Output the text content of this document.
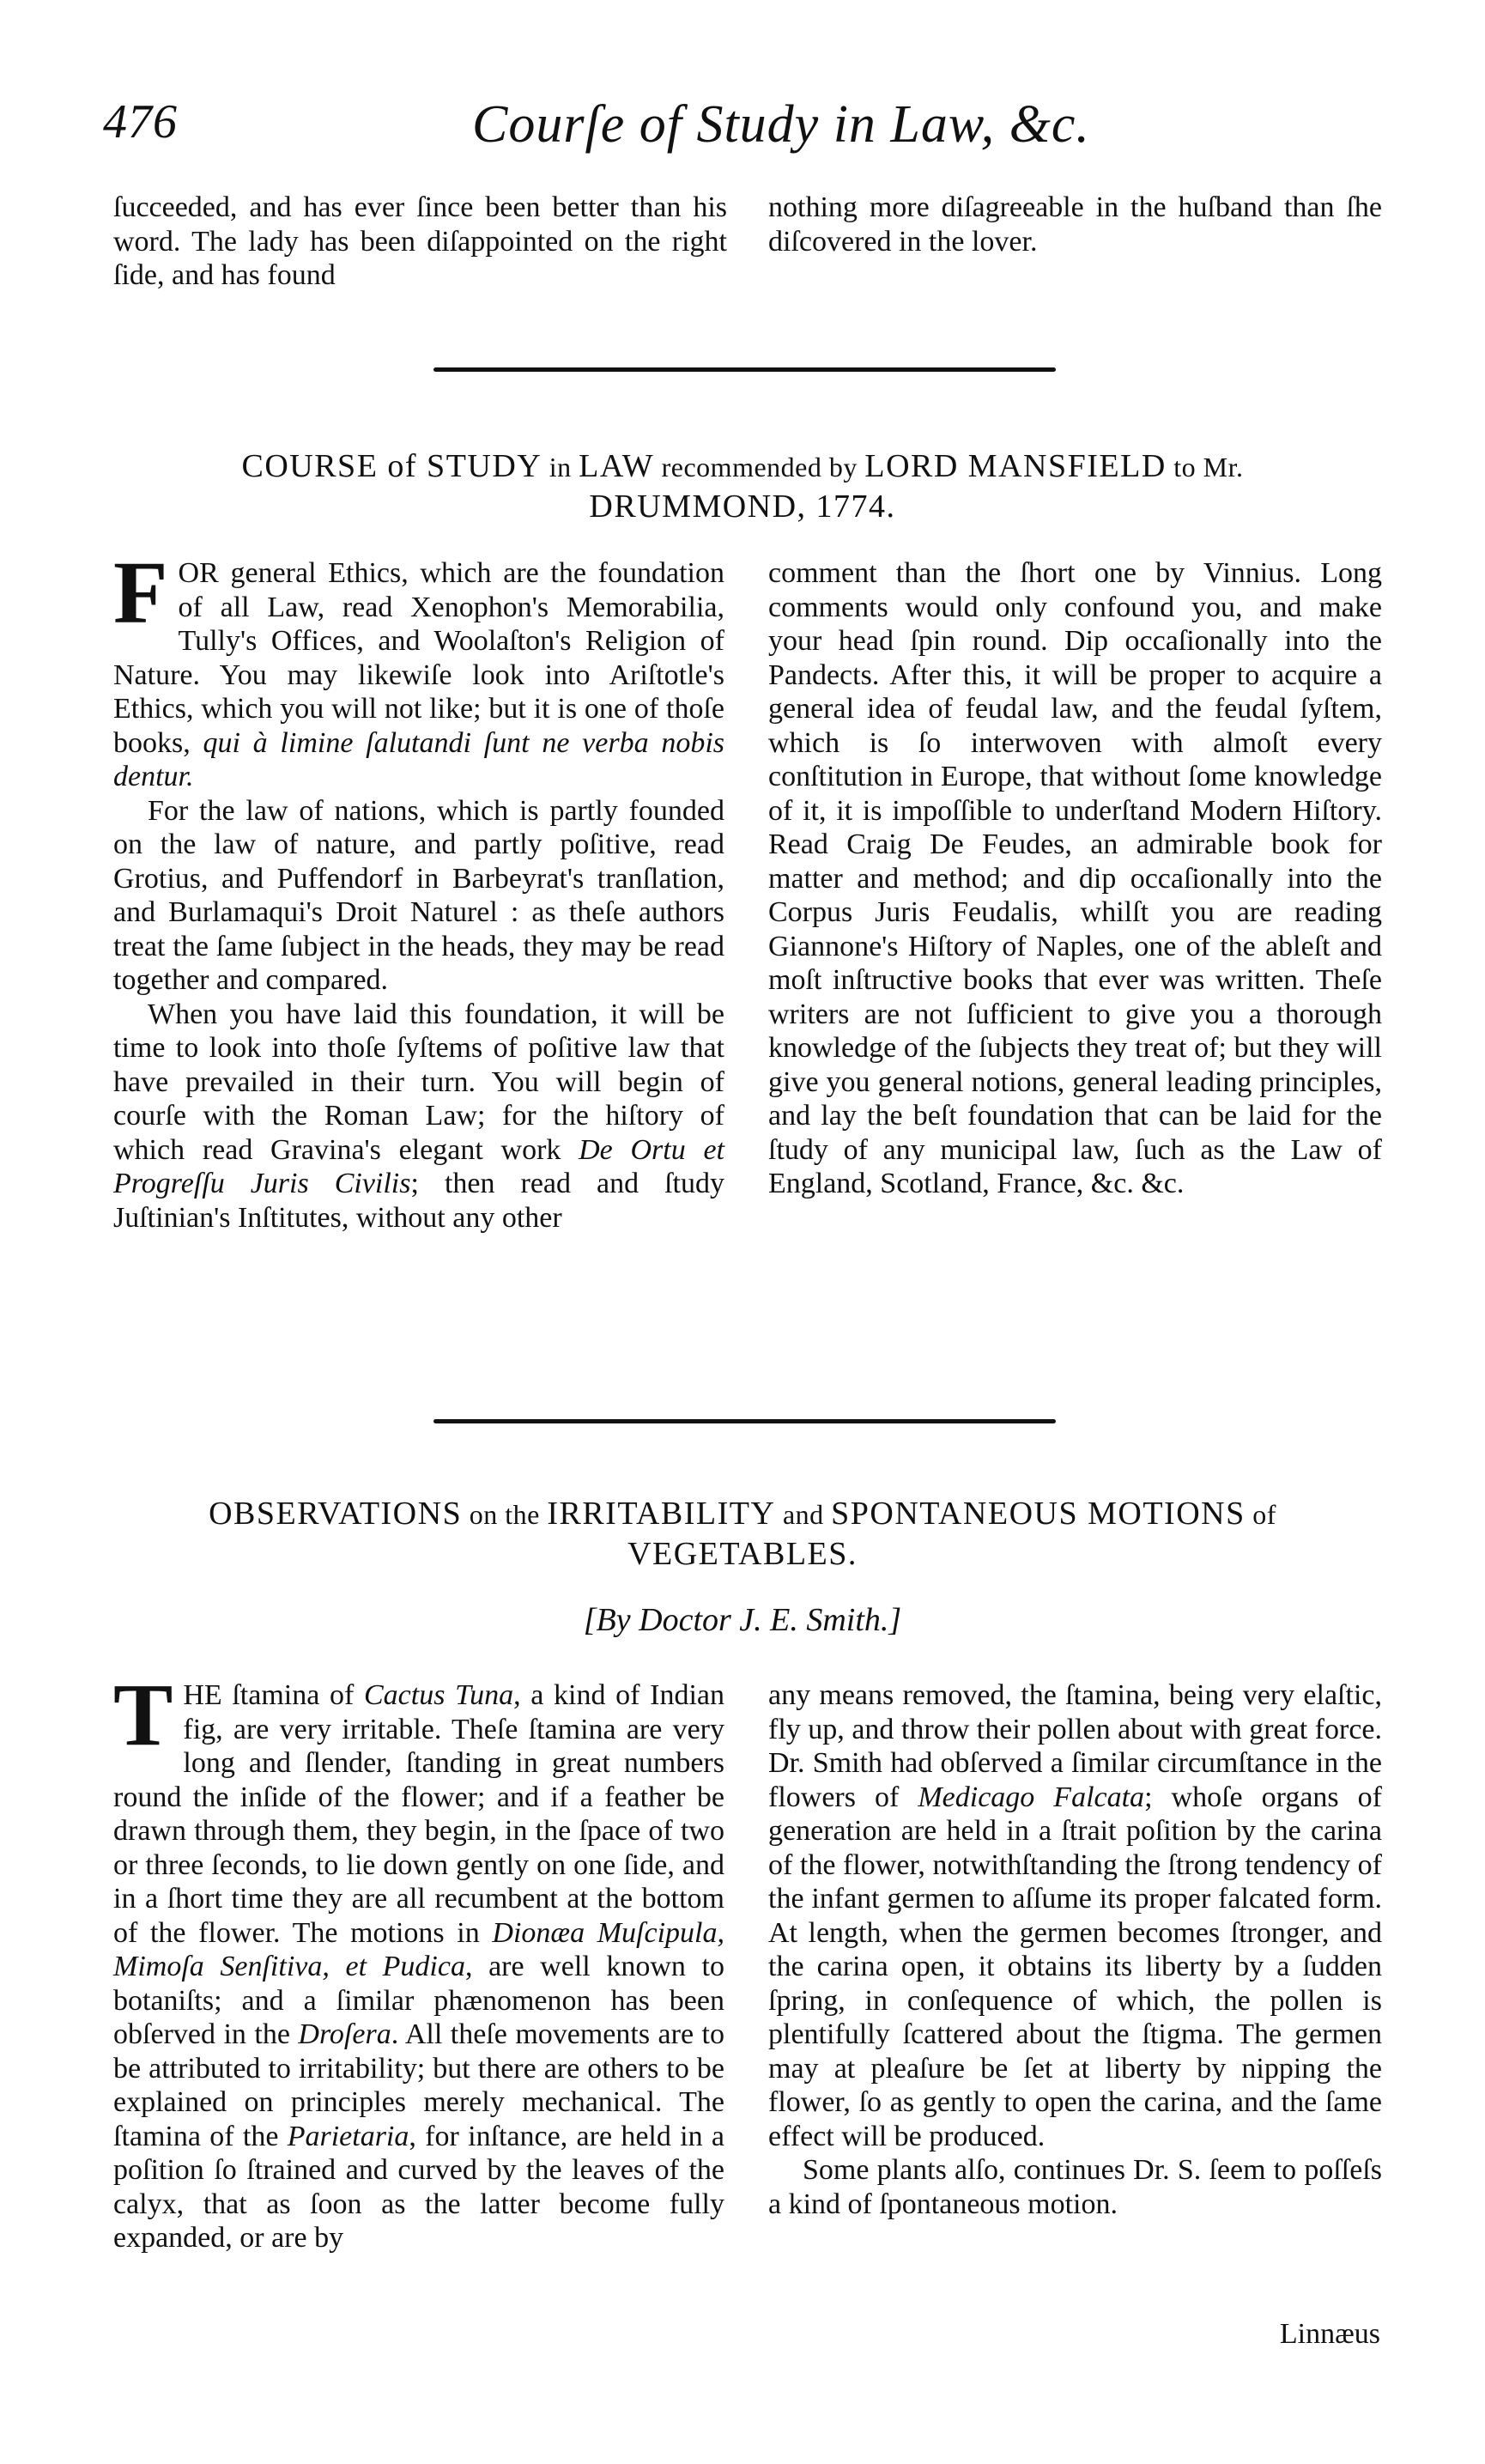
476	Courſe of Study in Law, &c.

ſucceeded, and has ever ſince been better than his word. The lady has been diſappointed on the right ſide, and has found

nothing more diſagreeable in the huſband than ſhe diſcovered in the lover.

COURSE of STUDY in LAW recommended by LORD MANSFIELD to Mr.
DRUMMOND, 1774.

FOR general Ethics, which are the foundation of all Law, read Xenophon's Memorabilia, Tully's Offices, and Woolaſton's Religion of Nature. You may likewiſe look into Ariſtotle's Ethics, which you will not like; but it is one of thoſe books, qui à limine ſalutandi ſunt ne verba nobis dentur.

For the law of nations, which is partly founded on the law of nature, and partly poſitive, read Grotius, and Puffendorf in Barbeyrat's tranſlation, and Burlamaqui's Droit Naturel : as theſe authors treat the ſame ſubject in the heads, they may be read together and compared.

When you have laid this foundation, it will be time to look into thoſe ſyſtems of poſitive law that have prevailed in their turn. You will begin of courſe with the Roman Law; for the hiſtory of which read Gravina's elegant work De Ortu et Progreſſu Juris Civilis; then read and ſtudy Juſtinian's Inſtitutes, without any other

comment than the ſhort one by Vinnius. Long comments would only confound you, and make your head ſpin round. Dip occaſionally into the Pandects. After this, it will be proper to acquire a general idea of feudal law, and the feudal ſyſtem, which is ſo interwoven with almoſt every conſtitution in Europe, that without ſome knowledge of it, it is impoſſible to underſtand Modern Hiſtory. Read Craig De Feudes, an admirable book for matter and method; and dip occaſionally into the Corpus Juris Feudalis, whilſt you are reading Giannone's Hiſtory of Naples, one of the ableſt and moſt inſtructive books that ever was written. Theſe writers are not ſufficient to give you a thorough knowledge of the ſubjects they treat of; but they will give you general notions, general leading principles, and lay the beſt foundation that can be laid for the ſtudy of any municipal law, ſuch as the Law of England, Scotland, France, &c. &c.

OBSERVATIONS on the IRRITABILITY and SPONTANEOUS MOTIONS of
VEGETABLES.
[By Doctor J. E. Smith.]

THE ſtamina of Cactus Tuna, a kind of Indian fig, are very irritable. Theſe ſtamina are very long and ſlender, ſtanding in great numbers round the inſide of the flower; and if a feather be drawn through them, they begin, in the ſpace of two or three ſeconds, to lie down gently on one ſide, and in a ſhort time they are all recumbent at the bottom of the flower. The motions in Dionæa Muſcipula, Mimoſa Senſitiva, et Pudica, are well known to botaniſts; and a ſimilar phænomenon has been obſerved in the Droſera. All theſe movements are to be attributed to irritability; but there are others to be explained on principles merely mechanical. The ſtamina of the Parietaria, for inſtance, are held in a poſition ſo ſtrained and curved by the leaves of the calyx, that as ſoon as the latter become fully expanded, or are by

any means removed, the ſtamina, being very elaſtic, fly up, and throw their pollen about with great force. Dr. Smith had obſerved a ſimilar circumſtance in the flowers of Medicago Falcata; whoſe organs of generation are held in a ſtrait poſition by the carina of the flower, notwithſtanding the ſtrong tendency of the infant germen to aſſume its proper falcated form. At length, when the germen becomes ſtronger, and the carina open, it obtains its liberty by a ſudden ſpring, in conſequence of which, the pollen is plentifully ſcattered about the ſtigma. The germen may at pleaſure be ſet at liberty by nipping the flower, ſo as gently to open the carina, and the ſame effect will be produced.

Some plants alſo, continues Dr. S. ſeem to poſſeſs a kind of ſpontaneous motion.

Linnæus
